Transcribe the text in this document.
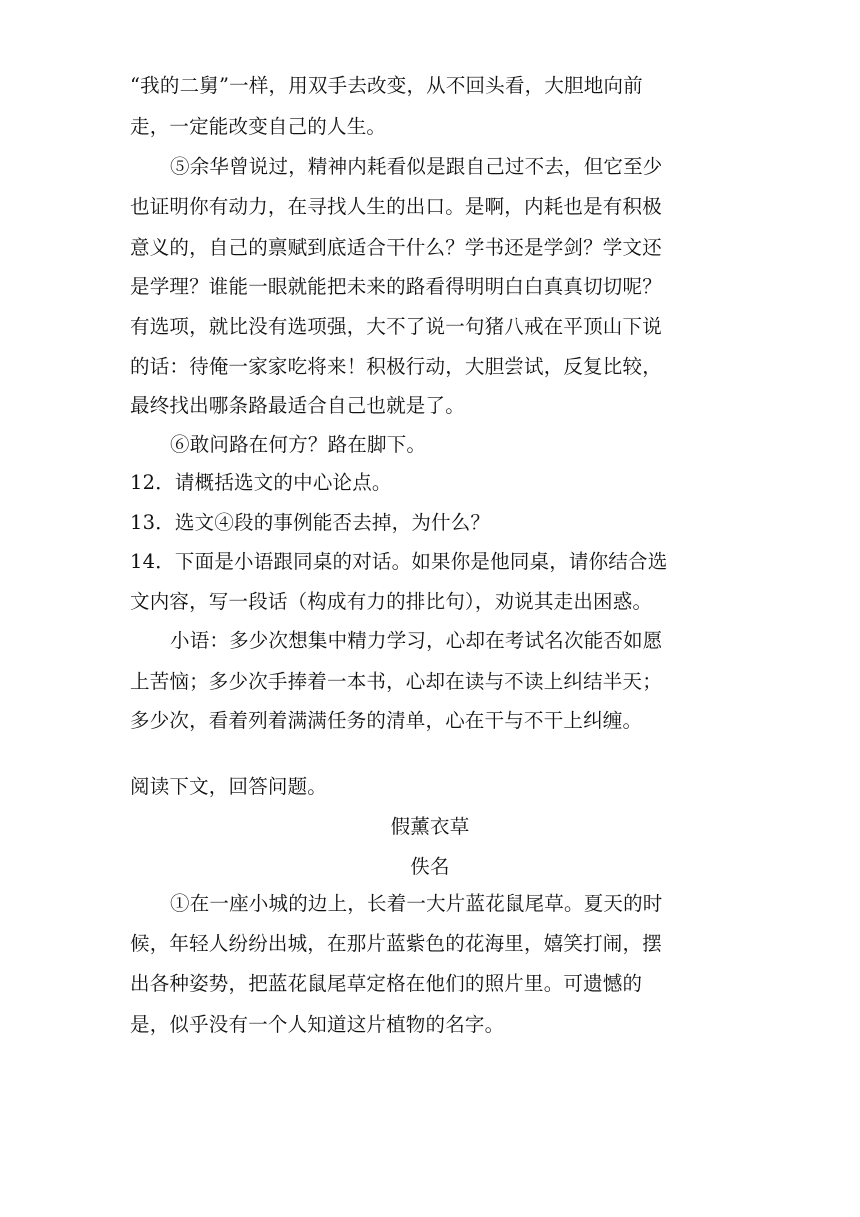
“我的二舅”一样，用双手去改变，从不回头看，大胆地向前
走，一定能改变自己的人生。
⑤余华曾说过，精神内耗看似是跟自己过不去，但它至少
也证明你有动力，在寻找人生的出口。是啊，内耗也是有积极
意义的，自己的禀赋到底适合干什么？学书还是学剑？学文还
是学理？谁能一眼就能把未来的路看得明明白白真真切切呢？
有选项，就比没有选项强，大不了说一句猪八戒在平顶山下说
的话：待俺一家家吃将来！积极行动，大胆尝试，反复比较，
最终找出哪条路最适合自己也就是了。
⑥敢问路在何方？路在脚下。
12．请概括选文的中心论点。
13．选文④段的事例能否去掉，为什么？
14．下面是小语跟同桌的对话。如果你是他同桌，请你结合选
文内容，写一段话（构成有力的排比句），劝说其走出困惑。
小语：多少次想集中精力学习，心却在考试名次能否如愿
上苦恼；多少次手捧着一本书，心却在读与不读上纠结半天；
多少次，看着列着满满任务的清单，心在干与不干上纠缠。
阅读下文，回答问题。
假薰衣草
佚名
①在一座小城的边上，长着一大片蓝花鼠尾草。夏天的时
候，年轻人纷纷出城，在那片蓝紫色的花海里，嬉笑打闹，摆
出各种姿势，把蓝花鼠尾草定格在他们的照片里。可遗憾的
是，似乎没有一个人知道这片植物的名字。
